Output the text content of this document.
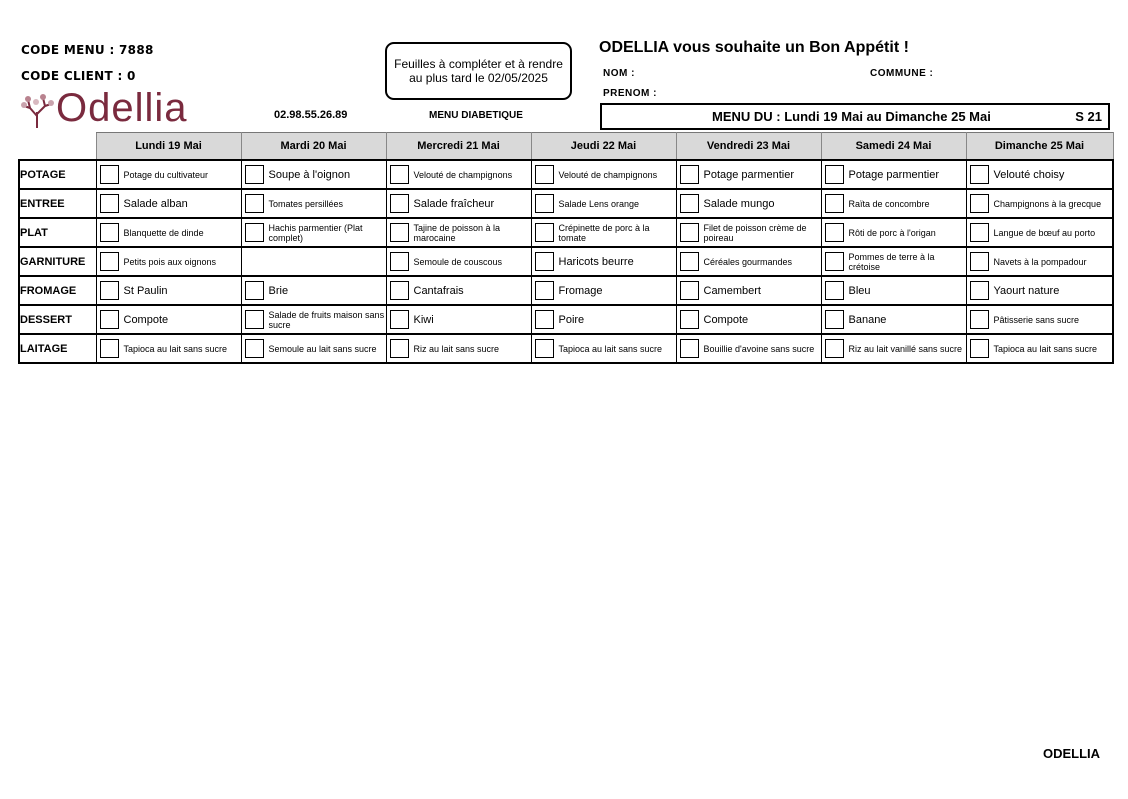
CODE MENU : 7888
CODE CLIENT : 0
Odellia
Feuilles à compléter et à rendre au plus tard le 02/05/2025
ODELLIA vous souhaite un Bon Appétit !
NOM :	COMMUNE :
PRENOM :
02.98.55.26.89	MENU DIABETIQUE	MENU DU : Lundi 19 Mai au Dimanche 25 Mai	S 21
	Lundi 19 Mai	Mardi 20 Mai	Mercredi 21 Mai	Jeudi 22 Mai	Vendredi 23 Mai	Samedi 24 Mai	Dimanche 25 Mai
POTAGE	Potage du cultivateur	Soupe à l'oignon	Velouté de champignons	Velouté de champignons	Potage parmentier	Potage parmentier	Velouté choisy

ENTREE	Salade alban	Tomates persillées	Salade fraîcheur	Salade Lens orange	Salade mungo	Raïta de concombre	Champignons à la grecque

PLAT	Blanquette de dinde	Hachis parmentier (Plat complet)	Tajine de poisson à la marocaine	Crépinette de porc à la tomate	Filet de poisson crème de poireau	Rôti de porc à l'origan	Langue de bœuf au porto

GARNITURE	Petits pois aux oignons		Semoule de couscous	Haricots beurre	Céréales gourmandes	Pommes de terre à la crétoise	Navets à la pompadour

FROMAGE	St Paulin	Brie	Cantafrais	Fromage	Camembert	Bleu	Yaourt nature

DESSERT	Compote	Salade de fruits maison sans sucre	Kiwi	Poire	Compote	Banane	Pâtisserie sans sucre

LAITAGE	Tapioca au lait sans sucre	Semoule au lait sans sucre	Riz au lait sans sucre	Tapioca au lait sans sucre	Bouillie d'avoine sans sucre	Riz au lait vanillé sans sucre	Tapioca au lait sans sucre
ODELLIA
